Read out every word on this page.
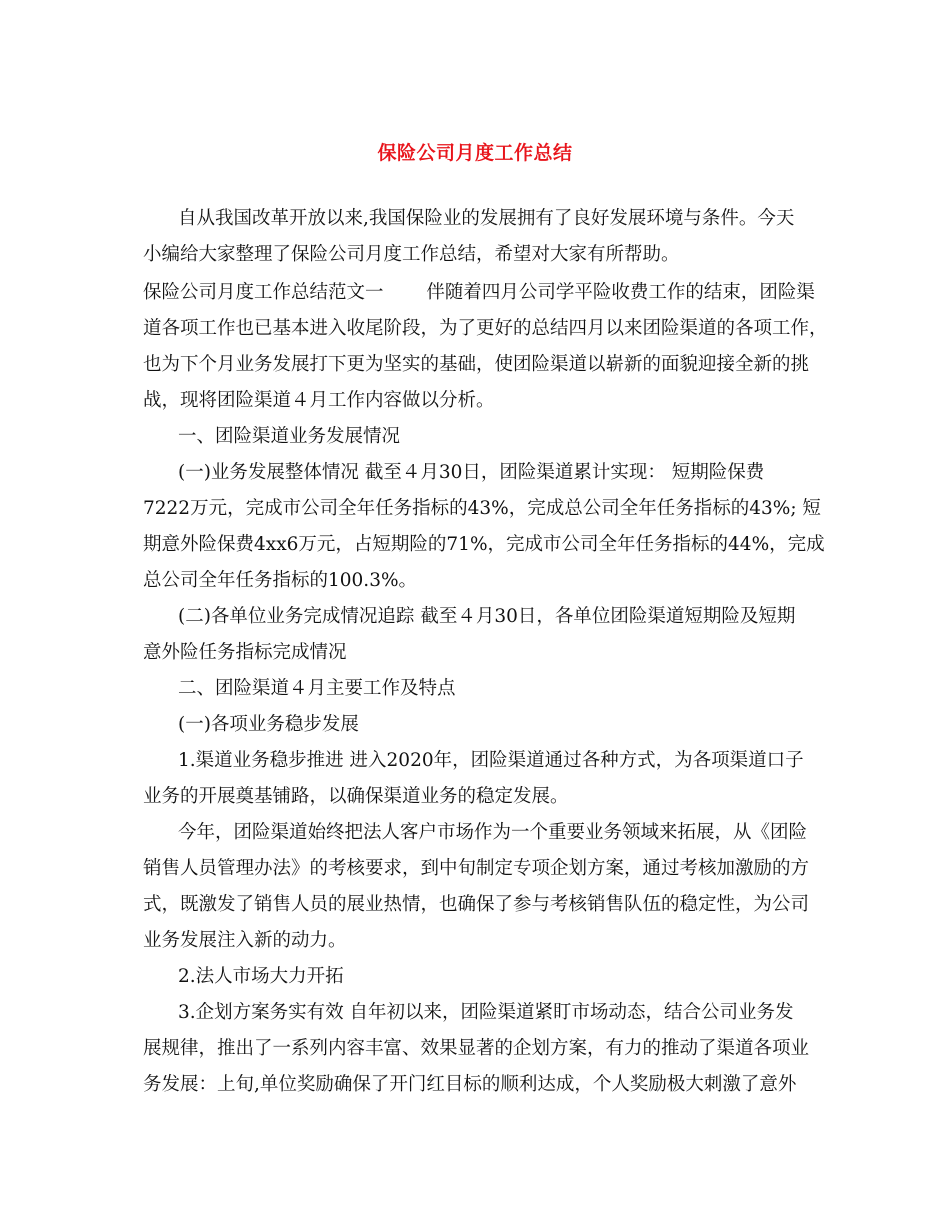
保险公司月度工作总结
自从我国改革开放以来,我国保险业的发展拥有了良好发展环境与条件。今天
小编给大家整理了保险公司月度工作总结，希望对大家有所帮助。
保险公司月度工作总结范文一　　 伴随着四月公司学平险收费工作的结束，团险渠
道各项工作也已基本进入收尾阶段，为了更好的总结四月以来团险渠道的各项工作，
也为下个月业务发展打下更为坚实的基础，使团险渠道以崭新的面貌迎接全新的挑
战，现将团险渠道４月工作内容做以分析。
一、团险渠道业务发展情况
(一)业务发展整体情况 截至４月30日，团险渠道累计实现： 短期险保费
7222万元，完成市公司全年任务指标的43%，完成总公司全年任务指标的43%; 短
期意外险保费4xx6万元，占短期险的71%，完成市公司全年任务指标的44%，完成
总公司全年任务指标的100.3%。
(二)各单位业务完成情况追踪 截至４月30日，各单位团险渠道短期险及短期
意外险任务指标完成情况
二、团险渠道４月主要工作及特点
(一)各项业务稳步发展
1.渠道业务稳步推进 进入2020年，团险渠道通过各种方式，为各项渠道口子
业务的开展奠基铺路，以确保渠道业务的稳定发展。
今年，团险渠道始终把法人客户市场作为一个重要业务领域来拓展，从《团险
销售人员管理办法》的考核要求，到中旬制定专项企划方案，通过考核加激励的方
式，既激发了销售人员的展业热情，也确保了参与考核销售队伍的稳定性，为公司
业务发展注入新的动力。
2.法人市场大力开拓
3.企划方案务实有效 自年初以来，团险渠道紧盯市场动态，结合公司业务发
展规律，推出了一系列内容丰富、效果显著的企划方案，有力的推动了渠道各项业
务发展：上旬,单位奖励确保了开门红目标的顺利达成，个人奖励极大刺激了意外
